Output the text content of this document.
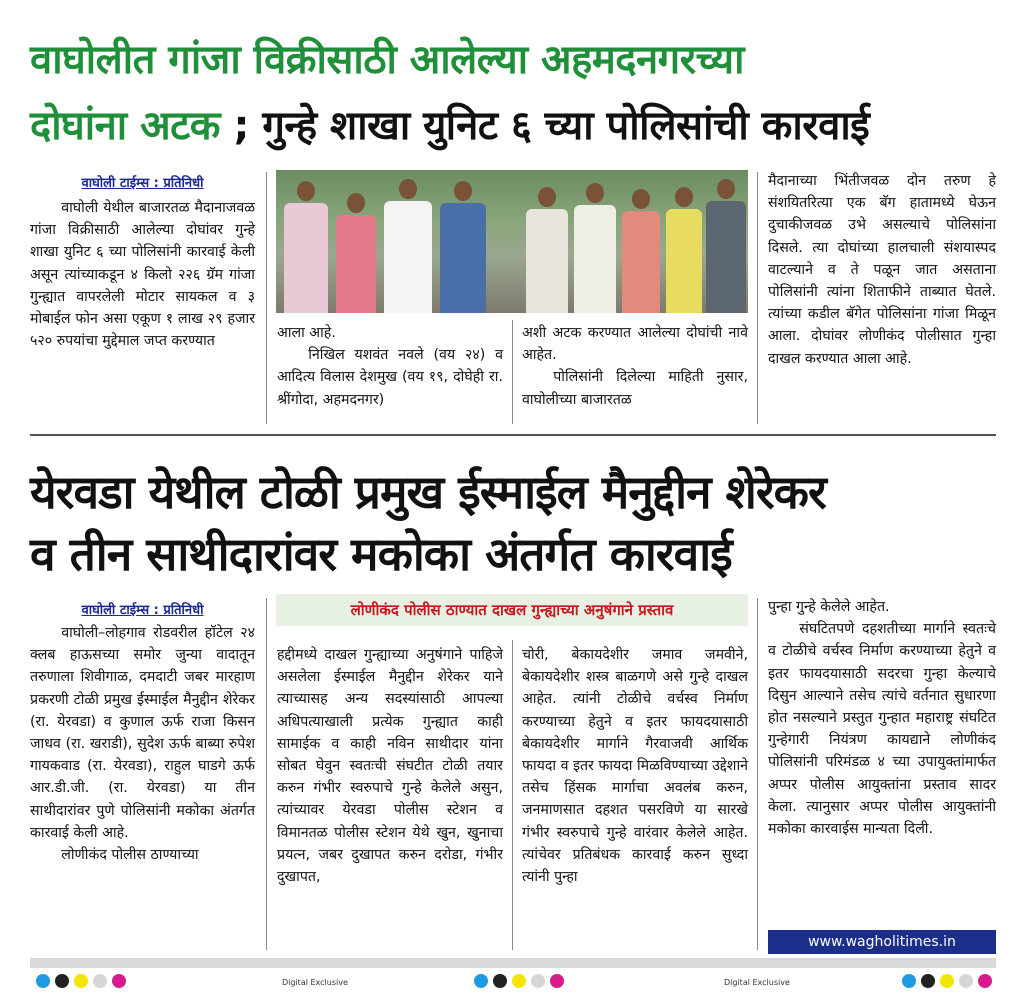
वाघोलीत गांजा विक्रीसाठी आलेल्या अहमदनगरच्या
दोघांना अटक ; गुन्हे शाखा युनिट ६ च्या पोलिसांची कारवाई
वाघोली टाईम्स : प्रतिनिधी

वाघोली येथील बाजारतळ मैदानाजवळ गांजा विक्रीसाठी आलेल्या दोघांवर गुन्हे शाखा युनिट ६ च्या पोलिसांनी कारवाई केली असून त्यांच्याकडून ४ किलो २२६ ग्रॅम गांजा गुन्ह्यात वापरलेली मोटार सायकल व ३ मोबाईल फोन असा एकूण १ लाख २९ हजार ५२० रुपयांचा मुद्देमाल जप्त करण्यात

आला आहे.

निखिल यशवंत नवले (वय २४) व आदित्य विलास देशमुख (वय १९, दोघेही रा. श्रींगोदा, अहमदनगर)

अशी अटक करण्यात आलेल्या दोघांची नावे आहेत.

पोलिसांनी दिलेल्या माहिती नुसार, वाघोलीच्या बाजारतळ

मैदानाच्या भिंतीजवळ दोन तरुण हे संशयितरित्या एक बॅग हातामध्ये घेऊन दुचाकीजवळ उभे असल्याचे पोलिसांना दिसले. त्या दोघांच्या हालचाली संशयास्पद वाटल्याने व ते पळून जात असताना पोलिसांनी त्यांना शिताफीने ताब्यात घेतले. त्यांच्या कडील बॅगेत पोलिसांना गांजा मिळून आला. दोघांवर लोणीकंद पोलीसात गुन्हा दाखल करण्यात आला आहे.

येरवडा येथील टोळी प्रमुख ईस्माईल मैनुद्दीन शेरेकर
व तीन साथीदारांवर मकोका अंतर्गत कारवाई
वाघोली टाईम्स : प्रतिनिधी

वाघोली–लोहगाव रोडवरील हॉटेल २४ क्लब हाऊसच्या समोर जुन्या वादातून तरुणाला शिवीगाळ, दमदाटी जबर मारहाण प्रकरणी टोळी प्रमुख ईस्माईल मैनुद्दीन शेरेकर (रा. येरवडा) व कुणाल ऊर्फ राजा किसन जाधव (रा. खराडी), सुदेश ऊर्फ बाब्या रुपेश गायकवाड (रा. येरवडा), राहुल घाडगे ऊर्फ आर.डी.जी. (रा. येरवडा) या तीन साथीदारांवर पुणे पोलिसांनी मकोका अंतर्गत कारवाई केली आहे.

लोणीकंद पोलीस ठाण्याच्या

लोणीकंद पोलीस ठाण्यात दाखल गुन्ह्याच्या अनुषंगाने प्रस्ताव

हद्दीमध्ये दाखल गुन्ह्याच्या अनुषंगाने पाहिजे असलेला ईस्माईल मैनुद्दीन शेरेकर याने त्याच्यासह अन्य सदस्यांसाठी आपल्या अधिपत्याखाली प्रत्येक गुन्ह्यात काही सामाईक व काही नविन साथीदार यांना सोबत घेवुन स्वतःची संघटीत टोळी तयार करुन गंभीर स्वरुपाचे गुन्हे केलेले असुन, त्यांच्यावर येरवडा पोलीस स्टेशन व विमानतळ पोलीस स्टेशन येथे खुन, खुनाचा प्रयत्न, जबर दुखापत करुन दरोडा, गंभीर दुखापत,

चोरी, बेकायदेशीर जमाव जमवीने, बेकायदेशीर शस्त्र बाळगणे असे गुन्हे दाखल आहेत. त्यांनी टोळीचे वर्चस्व निर्माण करण्याच्या हेतुने व इतर फायदयासाठी बेकायदेशीर मार्गाने गैरवाजवी आर्थिक फायदा व इतर फायदा मिळविण्याच्या उद्देशाने तसेच हिंसक मार्गाचा अवलंब करुन, जनमाणसात दहशत पसरविणे या सारखे गंभीर स्वरुपाचे गुन्हे वारंवार केलेले आहेत. त्यांचेवर प्रतिबंधक कारवाई करुन सुध्दा त्यांनी पुन्हा

पुन्हा गुन्हे केलेले आहेत.

संघटितपणे दहशतीच्या मार्गाने स्वतःचे व टोळीचे वर्चस्व निर्माण करण्याच्या हेतुने व इतर फायदयासाठी सदरचा गुन्हा केल्याचे दिसुन आल्याने तसेच त्यांचे वर्तनात सुधारणा होत नसल्याने प्रस्तुत गुन्हात महाराष्ट्र संघटित गुन्हेगारी नियंत्रण कायद्याने लोणीकंद पोलिसांनी परिमंडळ ४ च्या उपायुक्तांमार्फत अप्पर पोलीस आयुक्तांना प्रस्ताव सादर केला. त्यानुसार अप्पर पोलीस आयुक्तांनी मकोका कारवाईस मान्यता दिली.

www.wagholitimes.in
Digital Exclusive	Digital Exclusive
